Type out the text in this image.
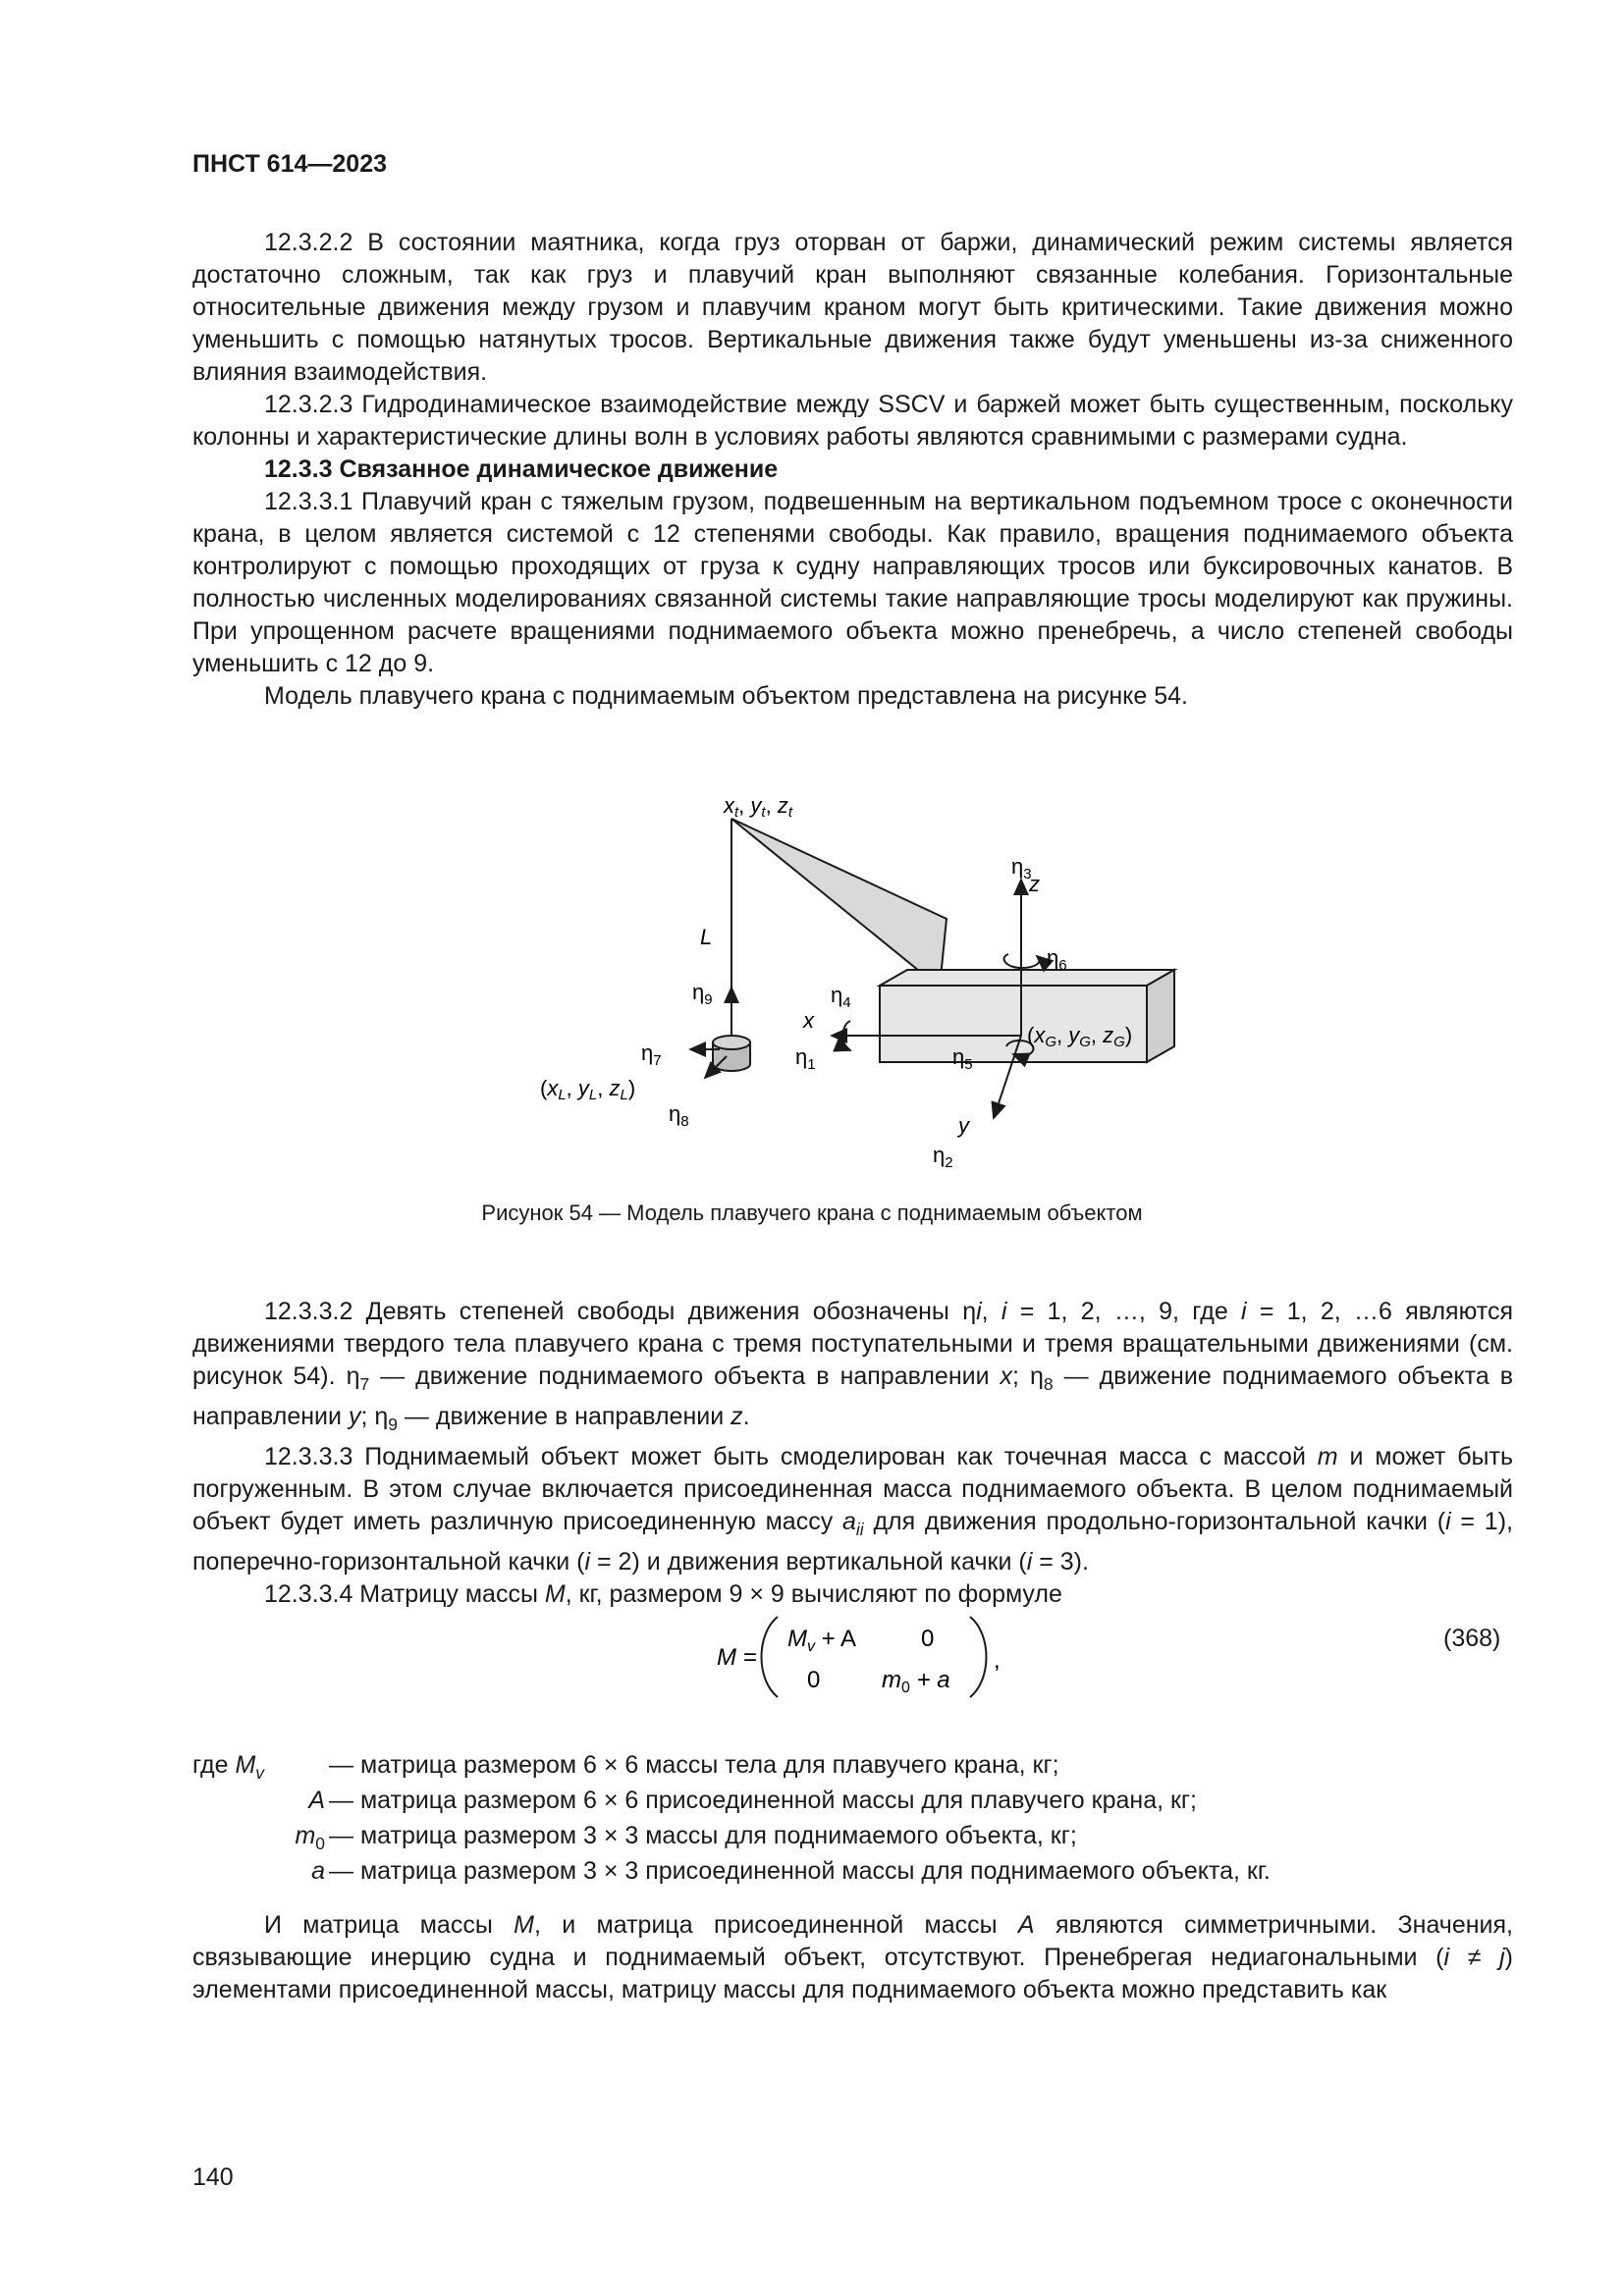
ПНСТ 614—2023

12.3.2.2 В состоянии маятника, когда груз оторван от баржи, динамический режим системы является достаточно сложным, так как груз и плавучий кран выполняют связанные колебания. Горизонтальные относительные движения между грузом и плавучим краном могут быть критическими. Такие движения можно уменьшить с помощью натянутых тросов. Вертикальные движения также будут уменьшены из-за сниженного влияния взаимодействия.

12.3.2.3 Гидродинамическое взаимодействие между SSCV и баржей может быть существенным, поскольку колонны и характеристические длины волн в условиях работы являются сравнимыми с размерами судна.

12.3.3 Связанное динамическое движение

12.3.3.1 Плавучий кран с тяжелым грузом, подвешенным на вертикальном подъемном тросе с оконечности крана, в целом является системой с 12 степенями свободы. Как правило, вращения поднимаемого объекта контролируют с помощью проходящих от груза к судну направляющих тросов или буксировочных канатов. В полностью численных моделированиях связанной системы такие направляющие тросы моделируют как пружины. При упрощенном расчете вращениями поднимаемого объекта можно пренебречь, а число степеней свободы уменьшить с 12 до 9.

Модель плавучего крана с поднимаемым объектом представлена на рисунке 54.

xt, yt, zt
L
$\eta_9$
$\eta_7$
(xL, yL, zL)
$\eta_8$
$\eta_3$
z
$\eta_6$
$\eta_4$
x
$\eta_1$	$\eta_5$
(xG, yG, zG)
y
$\eta_2$
Рисунок 54 — Модель плавучего крана с поднимаемым объектом

12.3.3.2 Девять степеней свободы движения обозначены ηi, i = 1, 2, …, 9, где i = 1, 2, …6 являются движениями твердого тела плавучего крана с тремя поступательными и тремя вращательными движениями (см. рисунок 54). $\eta_7$ — движение поднимаемого объекта в направлении x; $\eta_8$ — движение поднимаемого объекта в направлении y; $\eta_9$ — движение в направлении z.

12.3.3.3 Поднимаемый объект может быть смоделирован как точечная масса с массой m и может быть погруженным. В этом случае включается присоединенная масса поднимаемого объекта. В целом поднимаемый объект будет иметь различную присоединенную массу $a_{ii}$ для движения продольно-горизонтальной качки (i = 1), поперечно-горизонтальной качки (i = 2) и движения вертикальной качки (i = 3).

12.3.3.4 Матрицу массы M, кг, размером 9 × 9 вычисляют по формуле

M =
$M_v + A$	0
0	$m_0 + a$
,
(368)
где $M_v$	— матрица размером 6 × 6 массы тела для плавучего крана, кг;
A — матрица размером 6 × 6 присоединенной массы для плавучего крана, кг;
$m_0$ — матрица размером 3 × 3 массы для поднимаемого объекта, кг;
a — матрица размером 3 × 3 присоединенной массы для поднимаемого объекта, кг.

И матрица массы M, и матрица присоединенной массы A являются симметричными. Значения, связывающие инерцию судна и поднимаемый объект, отсутствуют. Пренебрегая недиагональными (i ≠ j) элементами присоединенной массы, матрицу массы для поднимаемого объекта можно представить как

140
